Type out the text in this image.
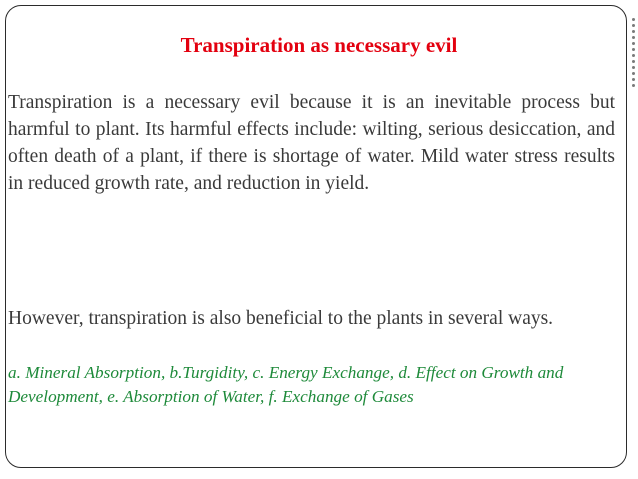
Transpiration as necessary evil

Transpiration is a necessary evil because it is an inevitable process but harmful to plant. Its harmful effects include: wilting, serious desiccation, and often death of a plant, if there is shortage of water. Mild water stress results in reduced growth rate, and reduction in yield.

However, transpiration is also beneficial to the plants in several ways.

a. Mineral Absorption, b.Turgidity, c. Energy Exchange, d. Effect on Growth and Development, e. Absorption of Water, f. Exchange of Gases
